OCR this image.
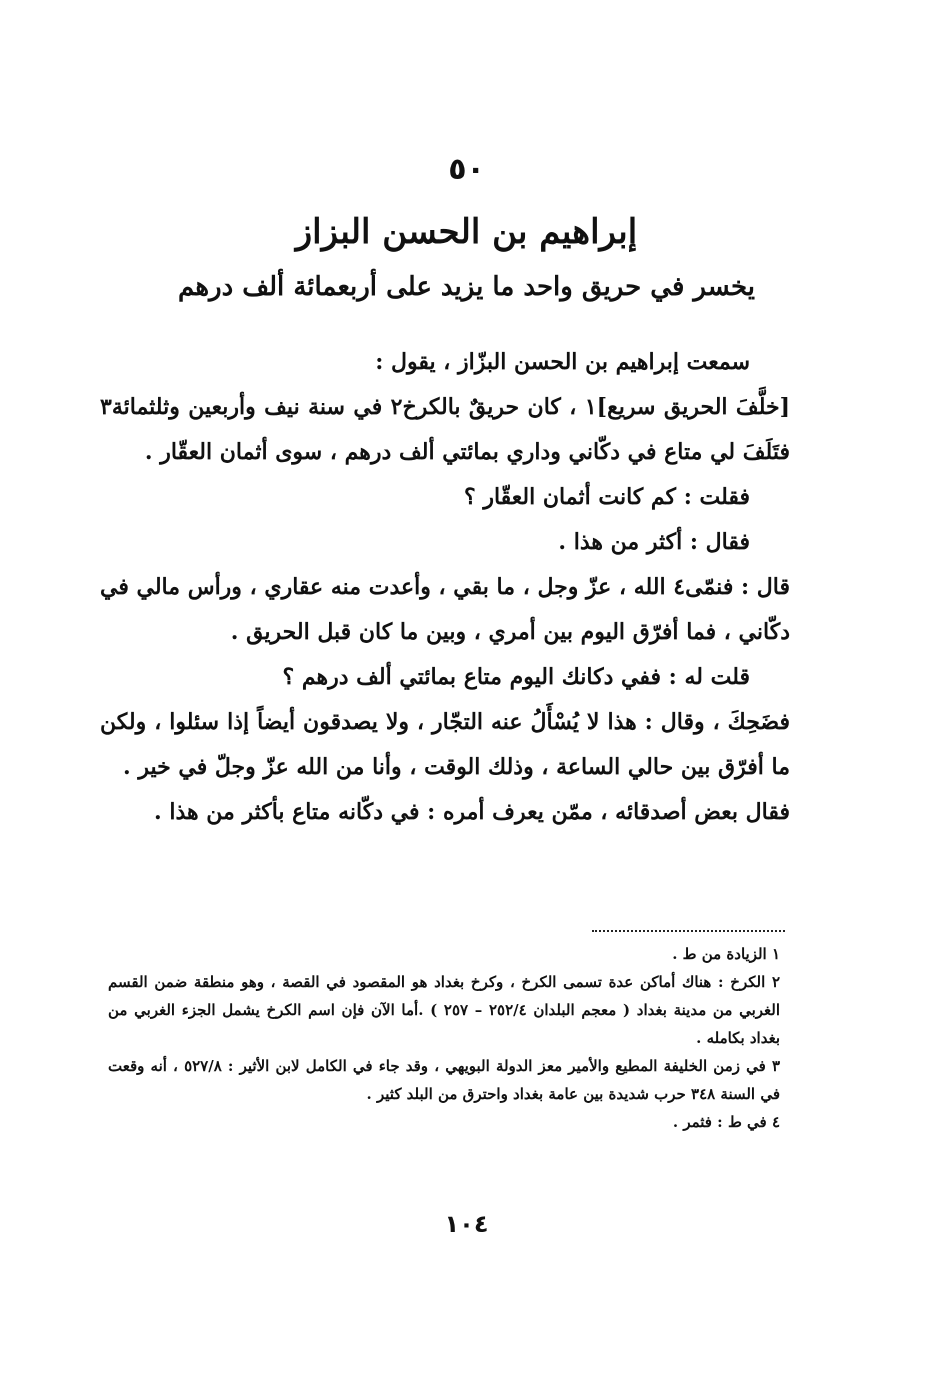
٥٠
إبراهيم بن الحسن البزاز
يخسر في حريق واحد ما يزيد على أربعمائة ألف درهم

سمعت إبراهيم بن الحسن البزّاز ، يقول :

[خلَّفَ الحريق سريع]١ ، كان حريقٌ بالكرخ٢ في سنة نيف وأربعين وثلثمائة٣ فتَلَفَ لي متاع في دكّاني وداري بمائتي ألف درهم ، سوى أثمان العقّار .

فقلت : كم كانت أثمان العقّار ؟

فقال : أكثر من هذا .

قال : فنمّى٤ الله ، عزّ وجل ، ما بقي ، وأعدت منه عقاري ، ورأس مالي في دكّاني ، فما أفرّق اليوم بين أمري ، وبين ما كان قبل الحريق .

قلت له : ففي دكانك اليوم متاع بمائتي ألف درهم ؟

فضَحِكَ ، وقال : هذا لا يُسْأَلُ عنه التجّار ، ولا يصدقون أيضاً إذا سئلوا ، ولكن ما أفرّق بين حالي الساعة ، وذلك الوقت ، وأنا من الله عزّ وجلّ في خير .

فقال بعض أصدقائه ، ممّن يعرف أمره : في دكّانه متاع بأكثر من هذا .

١ الزيادة من ط .

٢ الكرخ : هناك أماكن عدة تسمى الكرخ ، وكرخ بغداد هو المقصود في القصة ، وهو منطقة ضمن القسم الغربي من مدينة بغداد ( معجم البلدان ٢٥٢/٤ – ٢٥٧ ) .أما الآن فإن اسم الكرخ يشمل الجزء الغربي من بغداد بكامله .

٣ في زمن الخليفة المطيع والأمير معز الدولة البويهي ، وقد جاء في الكامل لابن الأثير : ٥٢٧/٨ ، أنه وقعت في السنة ٣٤٨ حرب شديدة بين عامة بغداد واحترق من البلد كثير .

٤ في ط : فثمر .

١٠٤
